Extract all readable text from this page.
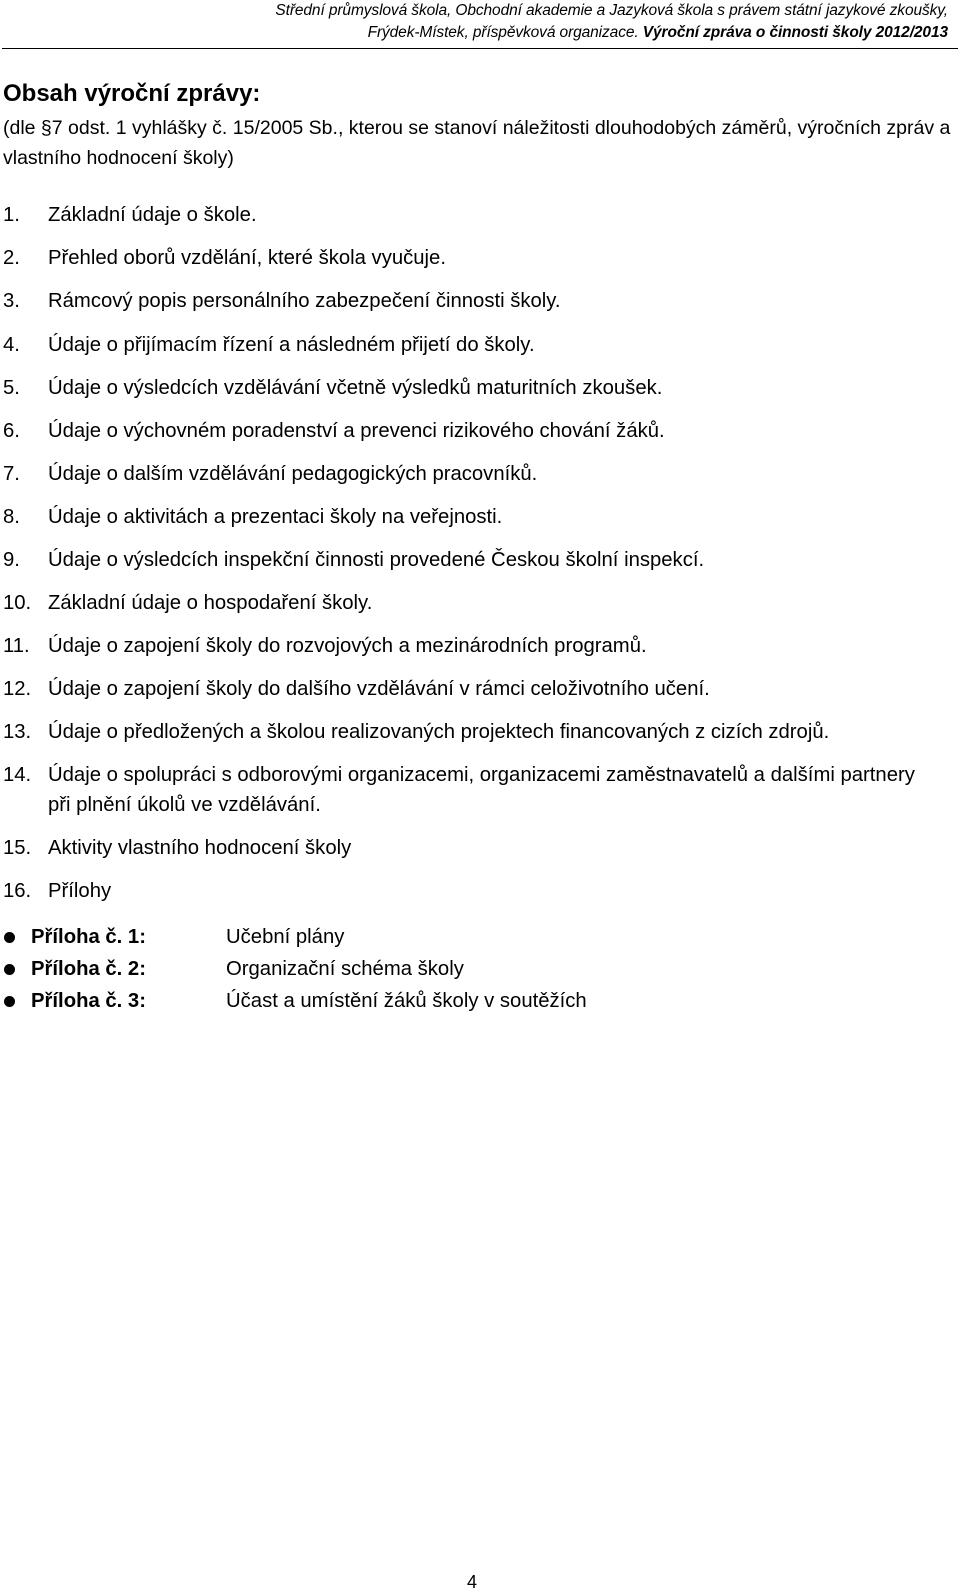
Střední průmyslová škola, Obchodní akademie a Jazyková škola s právem státní jazykové zkoušky,
Frýdek-Místek, příspěvková organizace. Výroční zpráva o činnosti školy 2012/2013
Obsah výroční zprávy:
(dle §7 odst. 1 vyhlášky č. 15/2005 Sb., kterou se stanoví náležitosti dlouhodobých záměrů, výročních zpráv a vlastního hodnocení školy)
1. Základní údaje o škole.
2. Přehled oborů vzdělání, které škola vyučuje.
3. Rámcový popis personálního zabezpečení činnosti školy.
4. Údaje o přijímacím řízení a následném přijetí do školy.
5. Údaje o výsledcích vzdělávání včetně výsledků maturitních zkoušek.
6. Údaje o výchovném poradenství a prevenci rizikového chování žáků.
7. Údaje o dalším vzdělávání pedagogických pracovníků.
8. Údaje o aktivitách a prezentaci školy na veřejnosti.
9. Údaje o výsledcích inspekční činnosti provedené Českou školní inspekcí.
10. Základní údaje o hospodaření školy.
11. Údaje o zapojení školy do rozvojových a mezinárodních programů.
12. Údaje o zapojení školy do dalšího vzdělávání v rámci celoživotního učení.
13. Údaje o předložených a školou realizovaných projektech financovaných z cizích zdrojů.
14. Údaje o spolupráci s odborovými organizacemi, organizacemi zaměstnavatelů a dalšími partnery při plnění úkolů ve vzdělávání.
15. Aktivity vlastního hodnocení školy
16. Přílohy
Příloha č. 1:	Učební plány
Příloha č. 2:	Organizační schéma školy
Příloha č. 3:	Účast a umístění žáků školy v soutěžích
4
